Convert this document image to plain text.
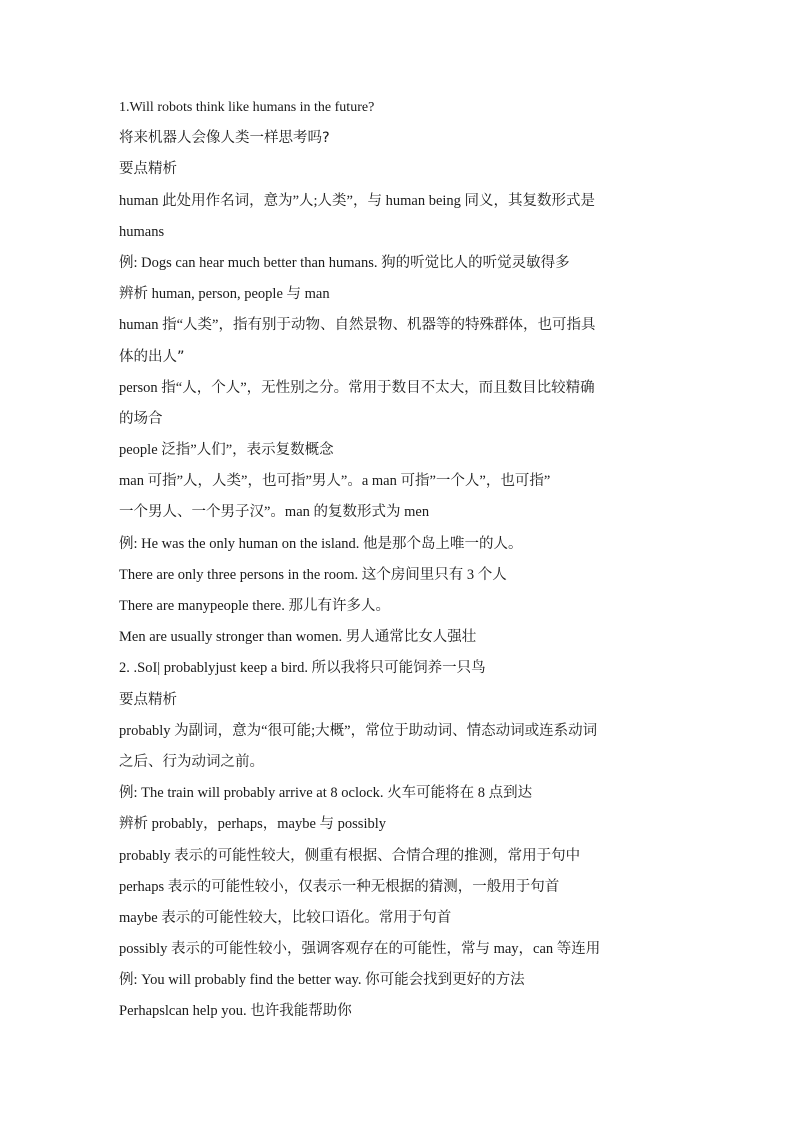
1.Will robots think like humans in the future?
将来机器人会像人类一样思考吗?
要点精析
human 此处用作名词，意为”人;人类”，与 human being 同义，其复数形式是
humans
例: Dogs can hear much better than humans. 狗的听觉比人的听觉灵敏得多
辨析 human, person, people 与 man
human 指“人类”，指有别于动物、自然景物、机器等的特殊群体，也可指具
体的出人”
person 指“人，个人”，无性别之分。常用于数目不太大，而且数目比较精确
的场合
people 泛指”人们”，表示复数概念
man 可指”人，人类”，也可指”男人”。a man 可指”一个人”，也可指”
一个男人、一个男子汉”。man 的复数形式为 men
例: He was the only human on the island. 他是那个岛上唯一的人。
There are only three persons in the room. 这个房间里只有 3 个人
There are manypeople there. 那儿有许多人。
Men are usually stronger than women. 男人通常比女人强壮
2. .SoI| probablyjust keep a bird. 所以我将只可能饲养一只鸟
要点精析
probably 为副词，意为“很可能;大概”，常位于助动词、情态动词或连系动词
之后、行为动词之前。
例: The train will probably arrive at 8 oclock. 火车可能将在 8 点到达
辨析 probably，perhaps，maybe 与 possibly
probably 表示的可能性较大，侧重有根据、合情合理的推测，常用于句中
perhaps 表示的可能性较小，仅表示一种无根据的猜测，一般用于句首
maybe 表示的可能性较大，比较口语化。常用于句首
possibly 表示的可能性较小，强调客观存在的可能性，常与 may，can 等连用
例: You will probably find the better way. 你可能会找到更好的方法
Perhapslcan help you. 也许我能帮助你
